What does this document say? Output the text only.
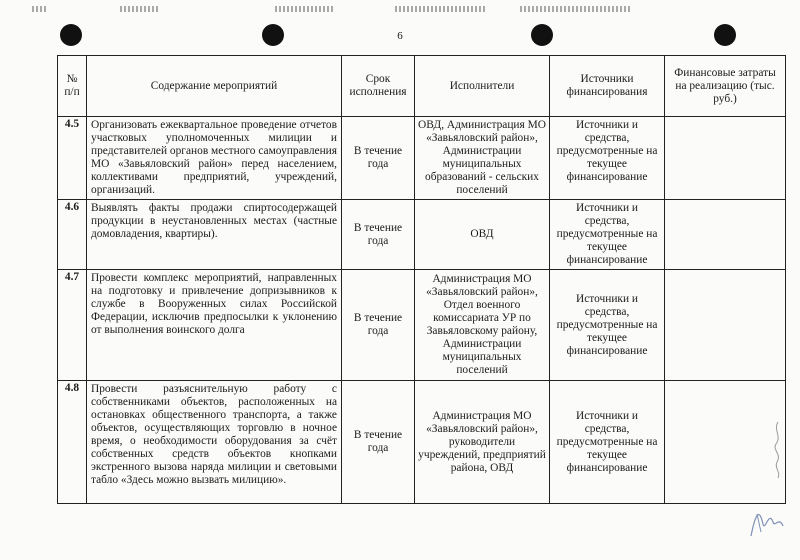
6
№ п/п	Содержание мероприятий	Срок исполнения	Исполнители	Источники финансирования	Финансовые затраты на реализацию (тыс. руб.)
4.5	Организовать ежеквартальное проведение отчетов участковых уполномоченных милиции и представителей органов местного самоуправления МО «Завьяловский район» перед населением, коллективами предприятий, учреждений, организаций.	В течение года	ОВД, Администрация МО «Завьяловский район», Администрации муниципальных образований - сельских поселений	Источники и средства, предусмотренные на текущее финансирование	
4.6	Выявлять факты продажи спиртосодержащей продукции в неустановленных местах (частные домовладения, квартиры).	В течение года	ОВД	Источники и средства, предусмотренные на текущее финансирование	
4.7	Провести комплекс мероприятий, направленных на подготовку и привлечение допризывников к службе в Вооруженных силах Российской Федерации, исключив предпосылки к уклонению от выполнения воинского долга	В течение года	Администрация МО «Завьяловский район», Отдел военного комиссариата УР по Завьяловскому району, Администрации муниципальных поселений	Источники и средства, предусмотренные на текущее финансирование	
4.8	Провести разъяснительную работу с собственниками объектов, расположенных на остановках общественного транспорта, а также объектов, осуществляющих торговлю в ночное время, о необходимости оборудования за счёт собственных средств объектов кнопками экстренного вызова наряда милиции и световыми табло «Здесь можно вызвать милицию».	В течение года	Администрация МО «Завьяловский район», руководители учреждений, предприятий района, ОВД	Источники и средства, предусмотренные на текущее финансирование	
